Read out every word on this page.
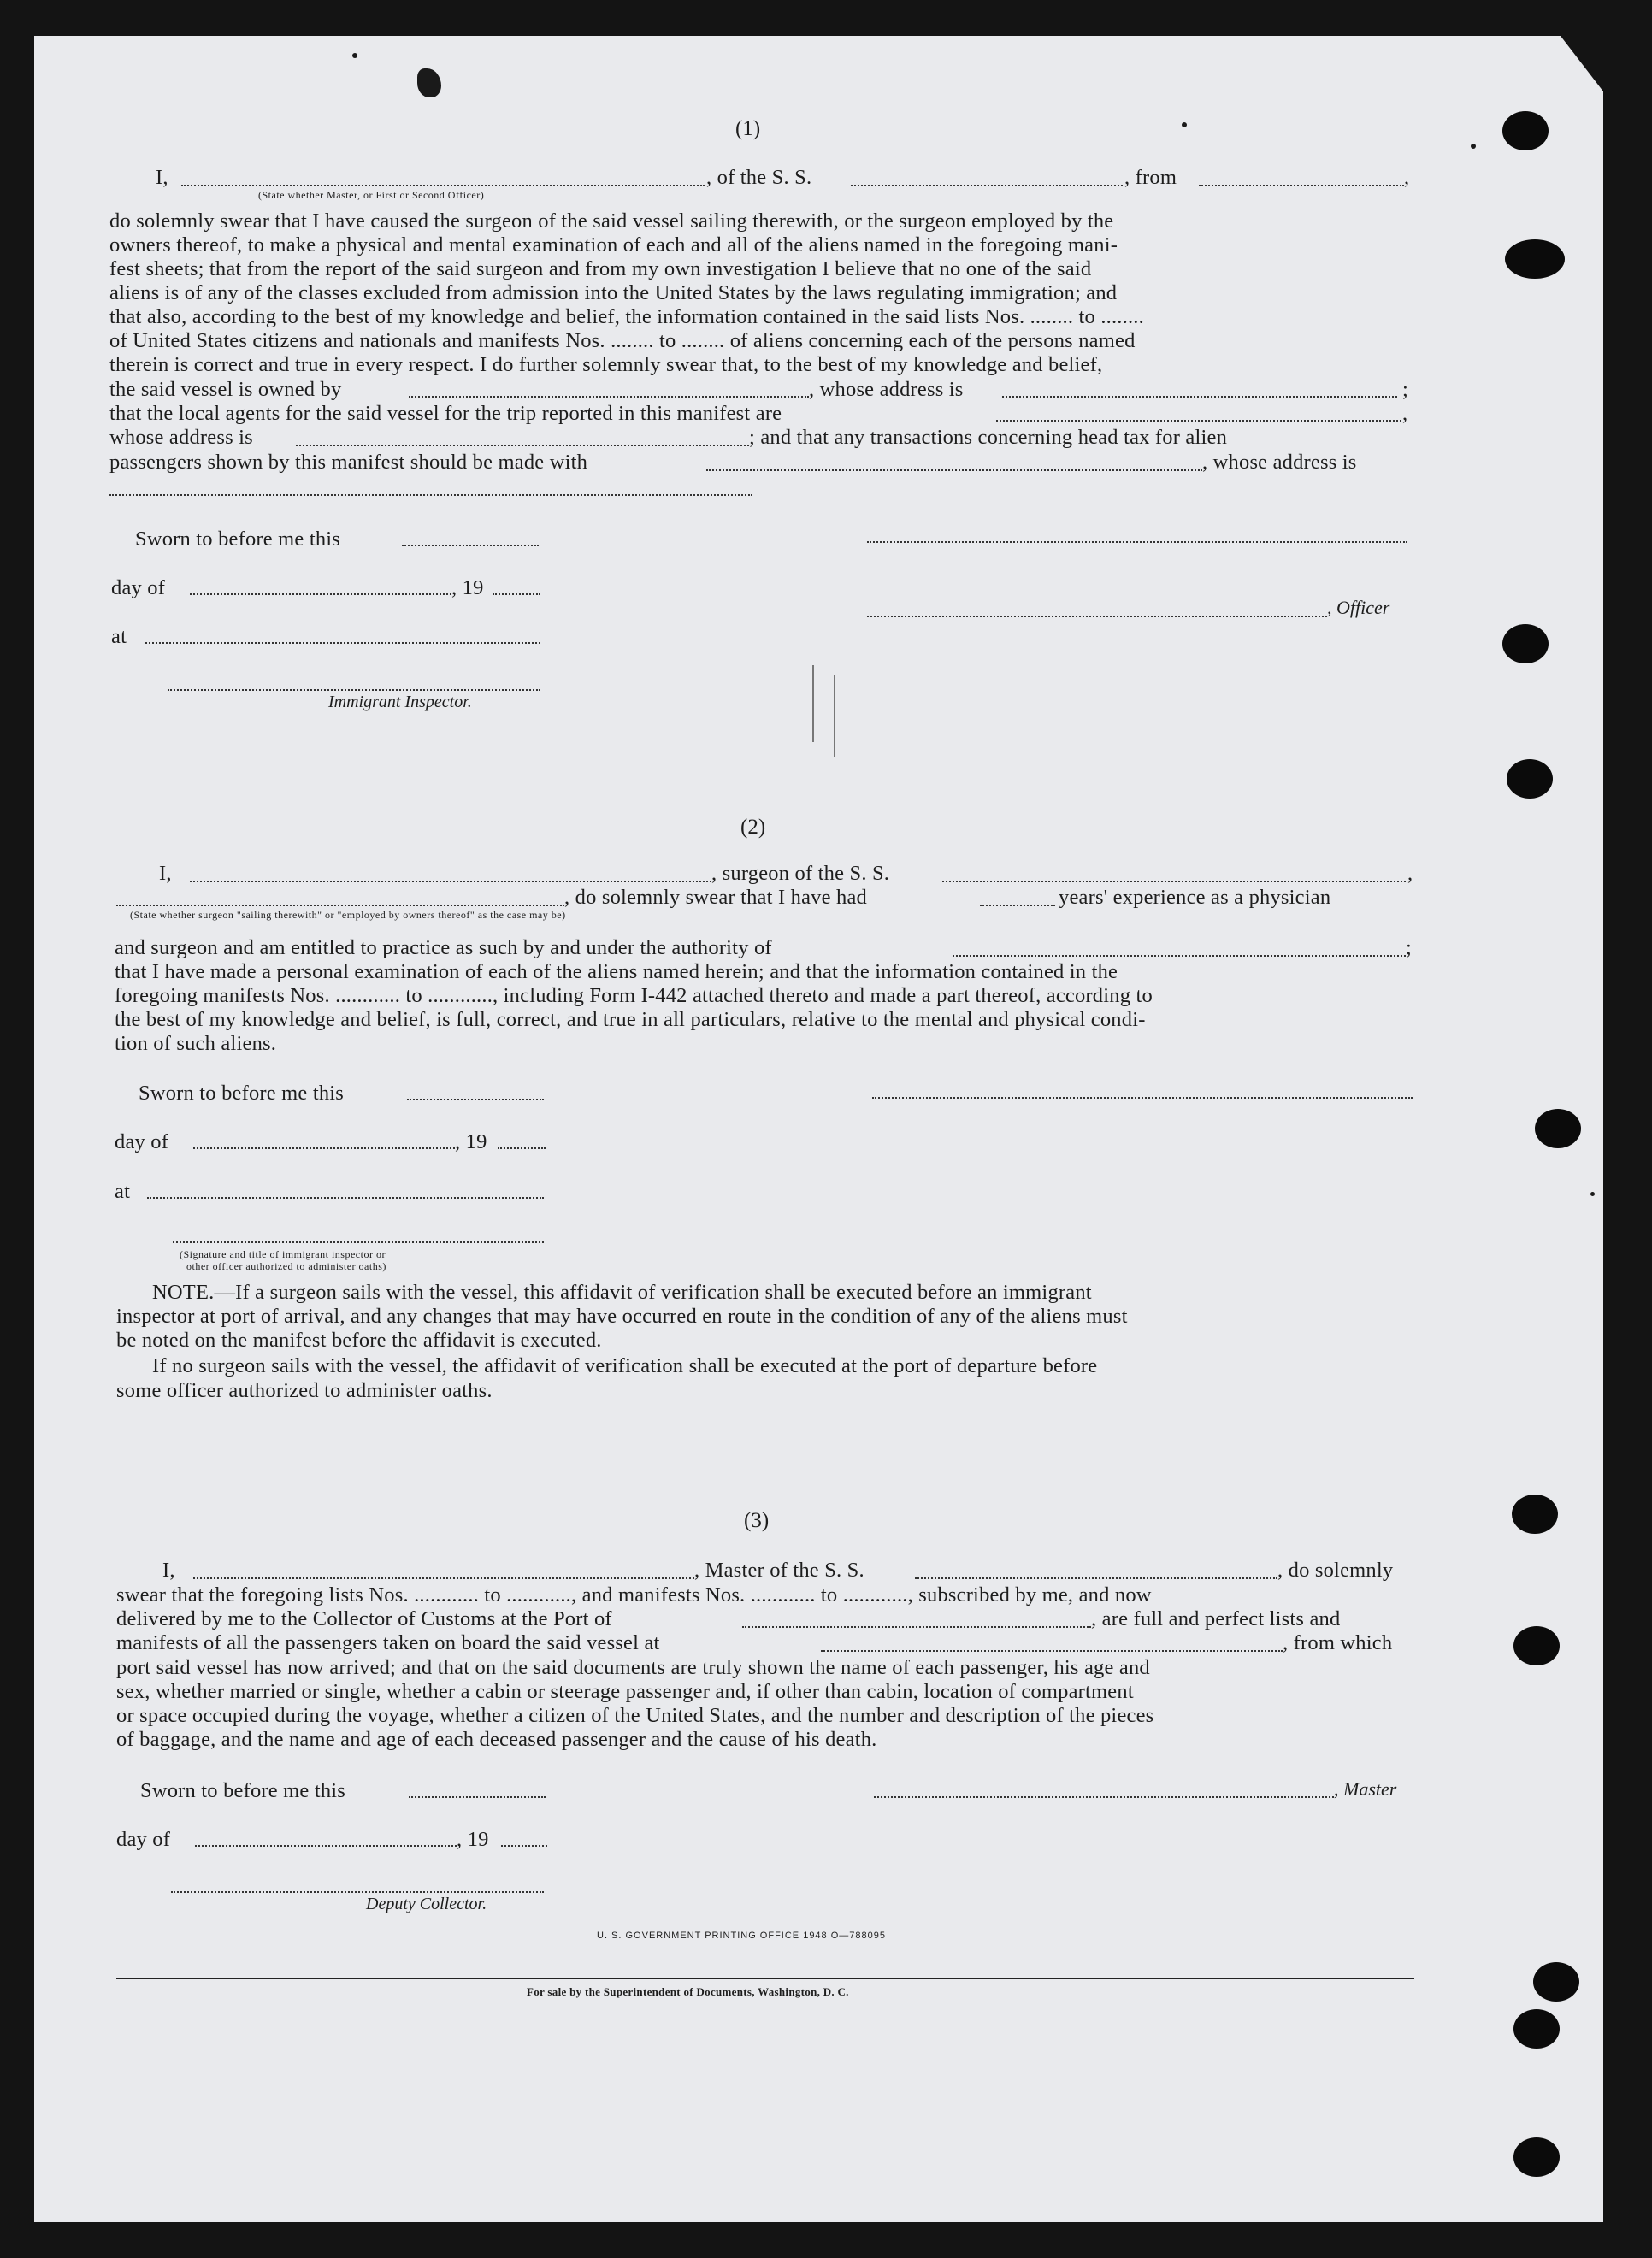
(1)
I,	, of the S. S.	, from	,
(State whether Master, or First or Second Officer)
do solemnly swear that I have caused the surgeon of the said vessel sailing therewith, or the surgeon employed by the
owners thereof, to make a physical and mental examination of each and all of the aliens named in the foregoing mani-
fest sheets; that from the report of the said surgeon and from my own investigation I believe that no one of the said
aliens is of any of the classes excluded from admission into the United States by the laws regulating immigration; and
that also, according to the best of my knowledge and belief, the information contained in the said lists Nos. ........ to ........
of United States citizens and nationals and manifests Nos. ........ to ........ of aliens concerning each of the persons named
therein is correct and true in every respect. I do further solemnly swear that, to the best of my knowledge and belief,
the said vessel is owned by	, whose address is	;
that the local agents for the said vessel for the trip reported in this manifest are	,
whose address is	; and that any transactions concerning head tax for alien
passengers shown by this manifest should be made with	, whose address is
Sworn to before me this
day of	, 19
, Officer
at
Immigrant Inspector.
(2)
I,	, surgeon of the S. S.	,
, do solemnly swear that I have had	years' experience as a physician
(State whether surgeon "sailing therewith" or "employed by owners thereof" as the case may be)
and surgeon and am entitled to practice as such by and under the authority of	;
that I have made a personal examination of each of the aliens named herein; and that the information contained in the
foregoing manifests Nos. ............ to ............, including Form I-442 attached thereto and made a part thereof, according to
the best of my knowledge and belief, is full, correct, and true in all particulars, relative to the mental and physical condi-
tion of such aliens.
Sworn to before me this
day of	, 19
at
(Signature and title of immigrant inspector or
other officer authorized to administer oaths)
NOTE.—If a surgeon sails with the vessel, this affidavit of verification shall be executed before an immigrant
inspector at port of arrival, and any changes that may have occurred en route in the condition of any of the aliens must
be noted on the manifest before the affidavit is executed.
If no surgeon sails with the vessel, the affidavit of verification shall be executed at the port of departure before
some officer authorized to administer oaths.
(3)
I,	, Master of the S. S.	, do solemnly
swear that the foregoing lists Nos. ............ to ............, and manifests Nos. ............ to ............, subscribed by me, and now
delivered by me to the Collector of Customs at the Port of	, are full and perfect lists and
manifests of all the passengers taken on board the said vessel at	, from which
port said vessel has now arrived; and that on the said documents are truly shown the name of each passenger, his age and
sex, whether married or single, whether a cabin or steerage passenger and, if other than cabin, location of compartment
or space occupied during the voyage, whether a citizen of the United States, and the number and description of the pieces
of baggage, and the name and age of each deceased passenger and the cause of his death.
Sworn to before me this	, Master
day of	, 19
Deputy Collector.
U. S. GOVERNMENT PRINTING OFFICE 1948 O—788095
For sale by the Superintendent of Documents, Washington, D. C.
